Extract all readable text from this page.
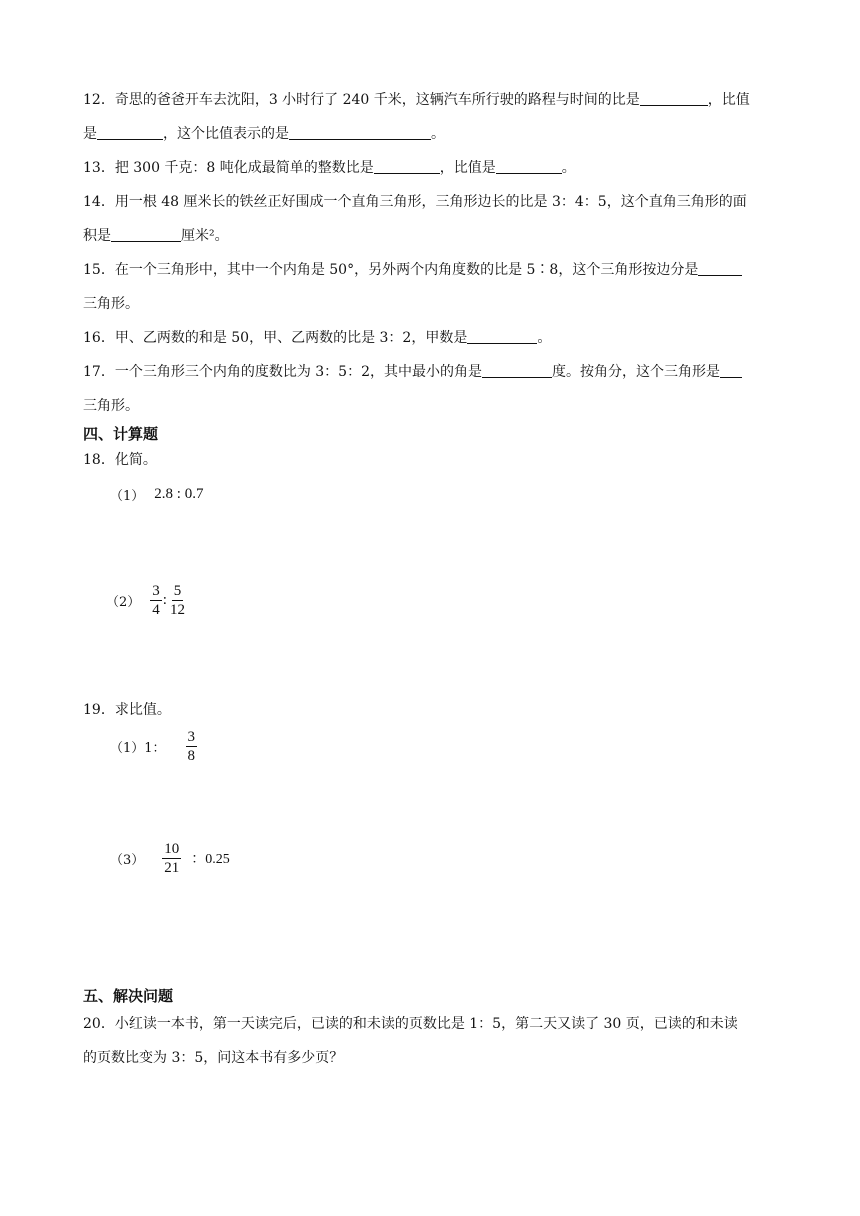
12．奇思的爸爸开车去沈阳，3 小时行了 240 千米，这辆汽车所行驶的路程与时间的比是	，比值
是	，这个比值表示的是	。
13．把 300 千克：8 吨化成最简单的整数比是	，比值是	。
14．用一根 48 厘米长的铁丝正好围成一个直角三角形，三角形边长的比是 3：4：5，这个直角三角形的面
积是	厘米²。
15．在一个三角形中，其中一个内角是 50°，另外两个内角度数的比是 5∶8，这个三角形按边分是
三角形。
16．甲、乙两数的和是 50，甲、乙两数的比是 3：2，甲数是	。
17．一个三角形三个内角的度数比为 3：5：2，其中最小的角是	度。按角分，这个三角形是
三角形。
四、计算题
18．化简。
（1） 2.8 : 0.7
$(2) \frac{3}{4}$ : $\frac{5}{12}$
19．求比值。
（1）1： $\frac{3}{8}$
$(3) \frac{10}{21}$ ：0.25
五、解决问题
20．小红读一本书，第一天读完后，已读的和未读的页数比是 1：5，第二天又读了 30 页，已读的和未读
的页数比变为 3：5，问这本书有多少页？
